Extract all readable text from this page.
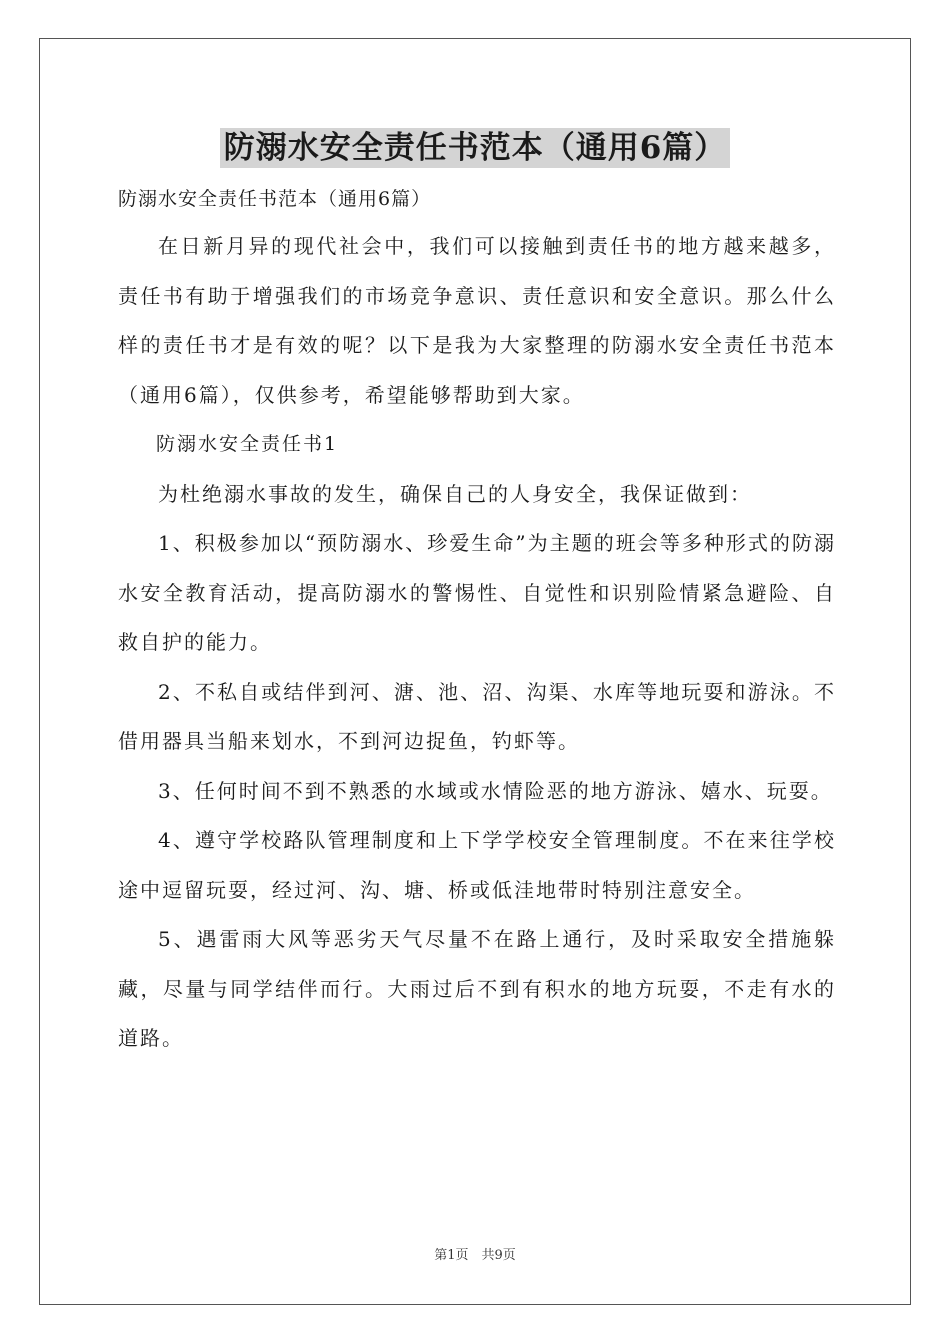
防溺水安全责任书范本（通用6篇）

防溺水安全责任书范本（通用6篇）

在日新月异的现代社会中，我们可以接触到责任书的地方越来越多，责任书有助于增强我们的市场竞争意识、责任意识和安全意识。那么什么样的责任书才是有效的呢？以下是我为大家整理的防溺水安全责任书范本（通用6篇），仅供参考，希望能够帮助到大家。

防溺水安全责任书1

为杜绝溺水事故的发生，确保自己的人身安全，我保证做到：

1、积极参加以“预防溺水、珍爱生命”为主题的班会等多种形式的防溺水安全教育活动，提高防溺水的警惕性、自觉性和识别险情紧急避险、自救自护的能力。

2、不私自或结伴到河、溏、池、沼、沟渠、水库等地玩耍和游泳。不借用器具当船来划水，不到河边捉鱼，钓虾等。

3、任何时间不到不熟悉的水域或水情险恶的地方游泳、嬉水、玩耍。

4、遵守学校路队管理制度和上下学学校安全管理制度。不在来往学校途中逗留玩耍，经过河、沟、塘、桥或低洼地带时特别注意安全。

5、遇雷雨大风等恶劣天气尽量不在路上通行，及时采取安全措施躲藏，尽量与同学结伴而行。大雨过后不到有积水的地方玩耍，不走有水的道路。

第1页　共9页
